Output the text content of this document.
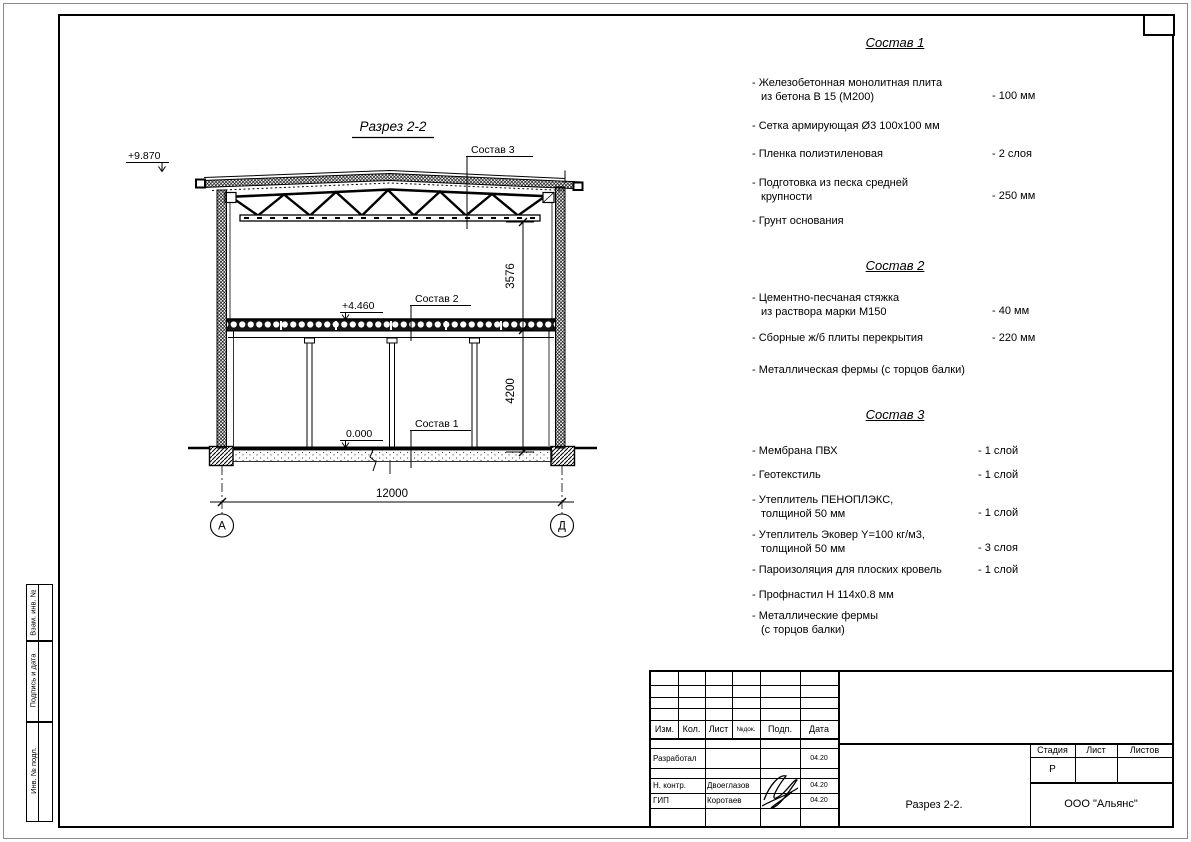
3576
4200
12000
А	Д
+9.870
+4.460
0.000
Состав 3
Состав 2
Состав 1
Разрез 2-2
Состав 1
- Железобетонная монолитная плита
из бетона В 15 (М200)	- 100 мм
- Сетка армирующая Ø3 100х100 мм
- Пленка полиэтиленовая	- 2 слоя
- Подготовка из песка средней
крупности	- 250 мм
- Грунт основания
Состав 2
- Цементно-песчаная стяжка
из раствора марки М150	- 40 мм
- Сборные ж/б плиты перекрытия	- 220 мм
- Металлическая фермы (с торцов балки)
Состав 3
- Мембрана ПВХ	- 1 слой
- Геотекстиль	- 1 слой
- Утеплитель ПЕНОПЛЭКС,
толщиной 50 мм	- 1 слой
- Утеплитель Эковер Y=100 кг/м3,
толщиной 50 мм	- 3 слоя
- Пароизоляция для плоских кровель	- 1 слой
- Профнастил Н 114х0.8 мм
- Металлические фермы
(с торцов балки)
Изм. Кол. Лист	№док.	Подп.	Дата
Разработал	04.20
Н. контр.	Двоеглазов	04.20
ГИП	Коротаев	04.20
Стадия	Лист	Листов
Р
Разрез 2-2.	ООО "Альянс"
Взам. инв. №
Подпись и дата
Инв. № подл.
